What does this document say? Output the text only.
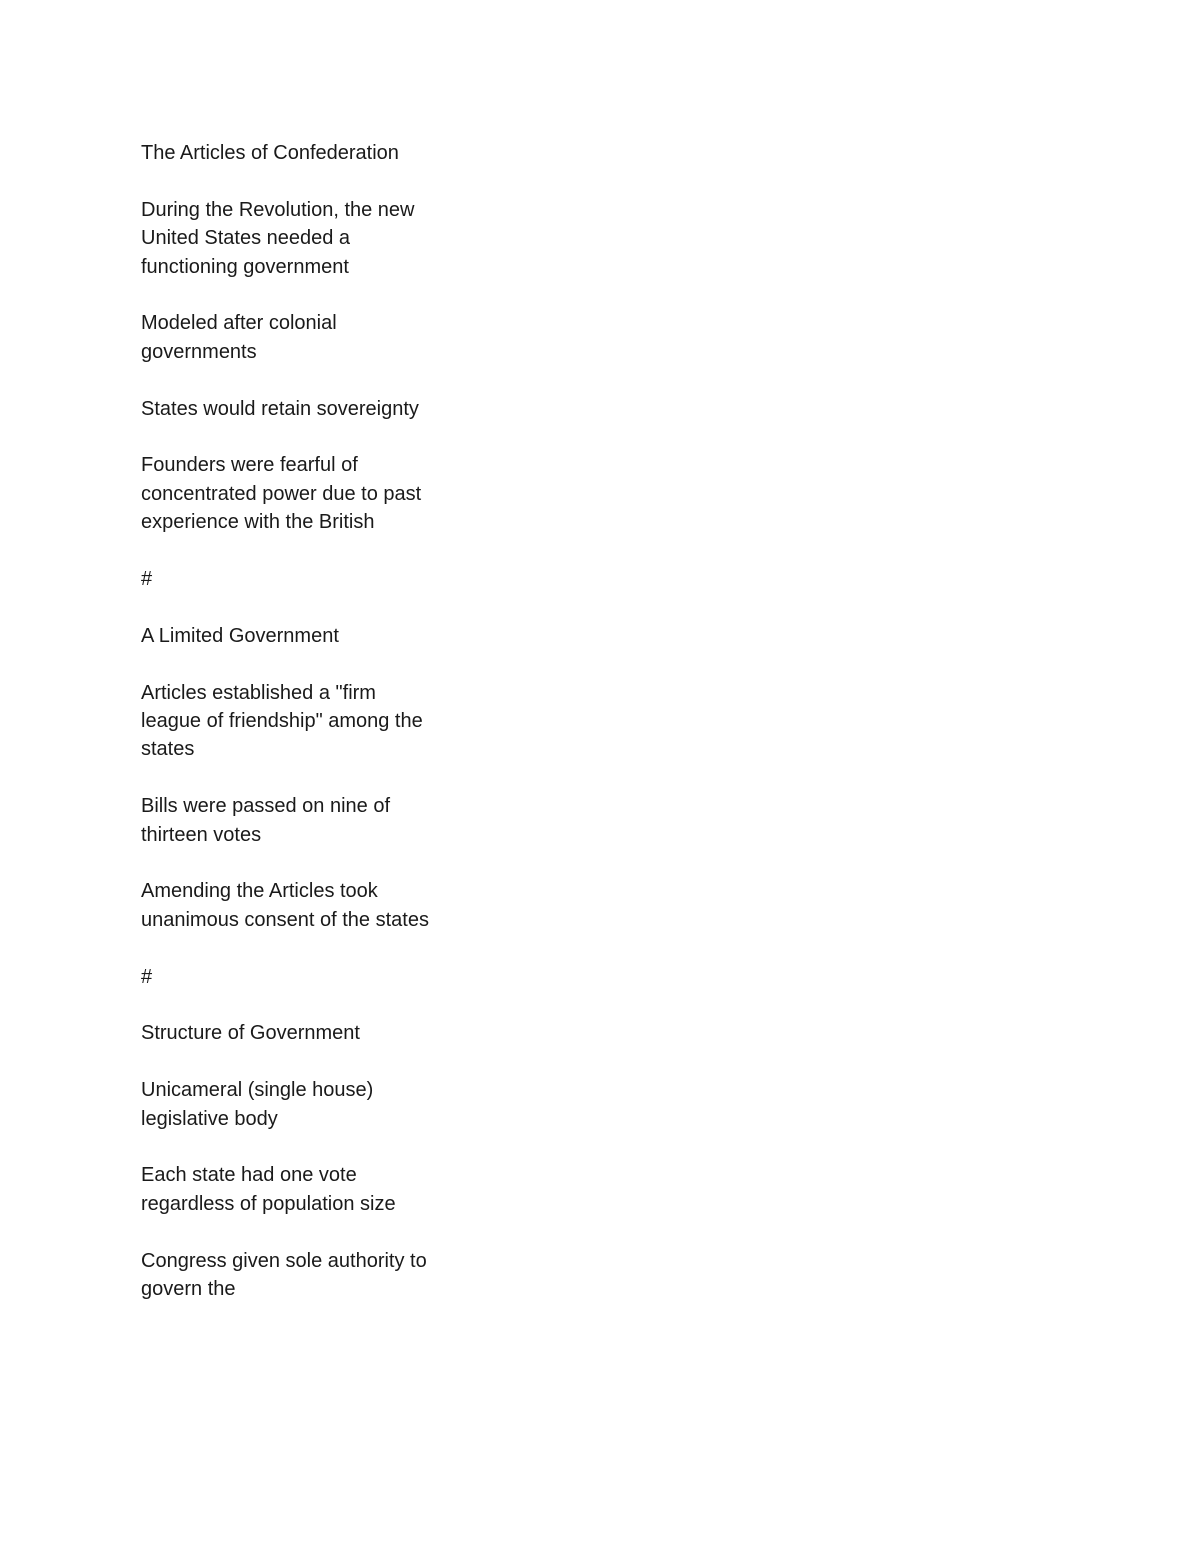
The Articles of Confederation

During the Revolution, the new United States needed a functioning government

Modeled after colonial governments

States would retain sovereignty

Founders were fearful of concentrated power due to past experience with the British

#

A Limited Government

Articles established a "firm league of friendship" among the states

Bills were passed on nine of thirteen votes

Amending the Articles took unanimous consent of the states

#

Structure of Government

Unicameral (single house) legislative body

Each state had one vote regardless of population size

Congress given sole authority to govern the
